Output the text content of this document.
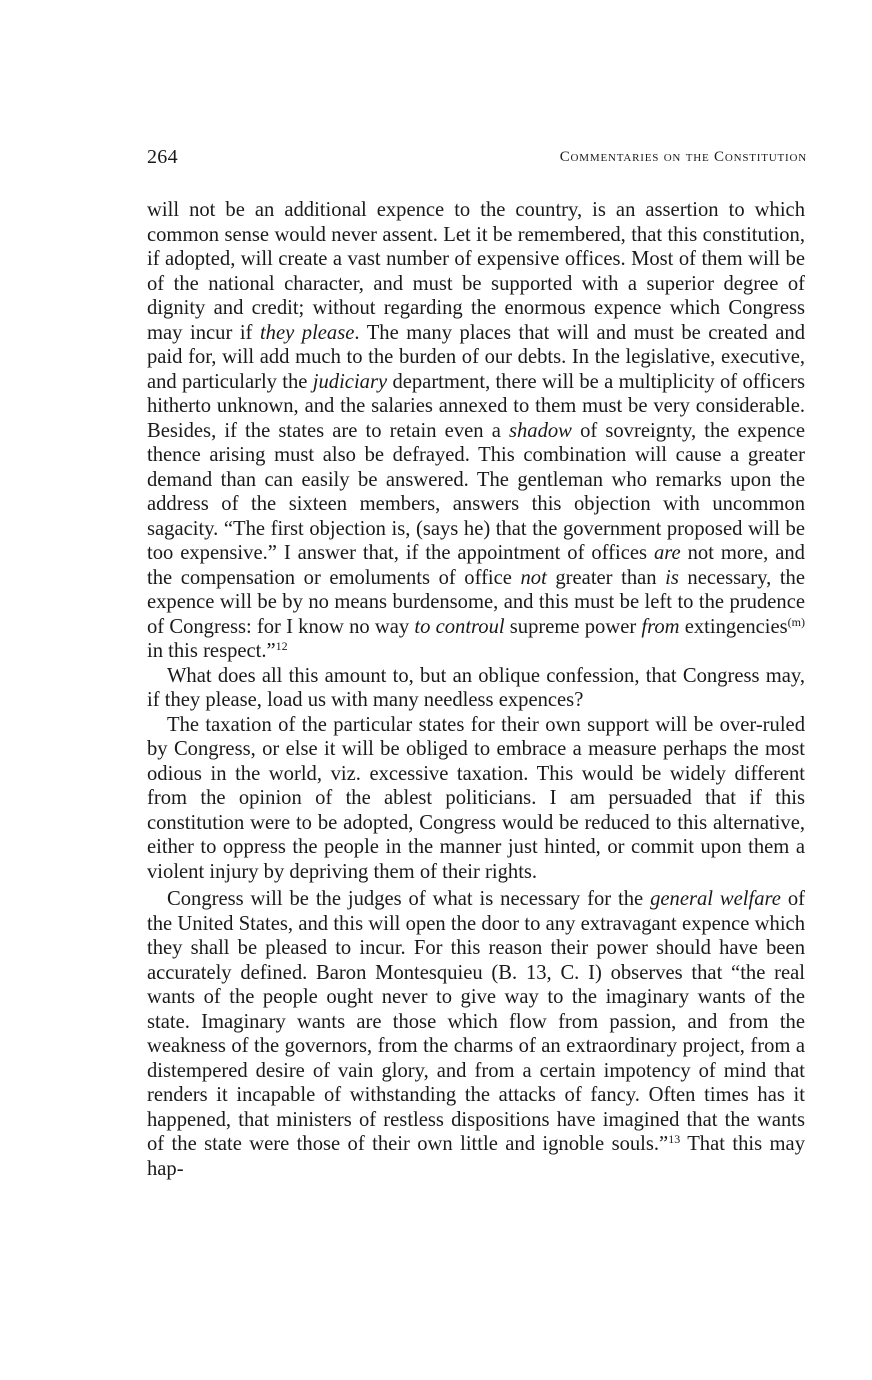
264	Commentaries on the Constitution

will not be an additional expence to the country, is an assertion to which common sense would never assent. Let it be remembered, that this constitution, if adopted, will create a vast number of expensive offices. Most of them will be of the national character, and must be supported with a superior degree of dignity and credit; without regarding the enormous expence which Congress may incur if they please. The many places that will and must be created and paid for, will add much to the burden of our debts. In the legislative, executive, and particularly the judiciary department, there will be a multiplicity of officers hitherto unknown, and the salaries annexed to them must be very considerable. Besides, if the states are to retain even a shadow of sovreignty, the expence thence arising must also be defrayed. This combination will cause a greater demand than can easily be answered. The gentleman who remarks upon the address of the sixteen members, answers this objection with uncommon sagacity. “The first objection is, (says he) that the government proposed will be too expensive.” I answer that, if the appointment of offices are not more, and the compensation or emoluments of office not greater than is necessary, the expence will be by no means burdensome, and this must be left to the prudence of Congress: for I know no way to controul supreme power from extingencies$^{(m)}$ in this respect.”$^{12}$

What does all this amount to, but an oblique confession, that Congress may, if they please, load us with many needless expences?

The taxation of the particular states for their own support will be over-ruled by Congress, or else it will be obliged to embrace a measure perhaps the most odious in the world, viz. excessive taxation. This would be widely different from the opinion of the ablest politicians. I am persuaded that if this constitution were to be adopted, Congress would be reduced to this alternative, either to oppress the people in the manner just hinted, or commit upon them a violent injury by depriving them of their rights.

Congress will be the judges of what is necessary for the general welfare of the United States, and this will open the door to any extravagant expence which they shall be pleased to incur. For this reason their power should have been accurately defined. Baron Montesquieu (B. 13, C. I) observes that “the real wants of the people ought never to give way to the imaginary wants of the state. Imaginary wants are those which flow from passion, and from the weakness of the governors, from the charms of an extraordinary project, from a distempered desire of vain glory, and from a certain impotency of mind that renders it incapable of withstanding the attacks of fancy. Often times has it happened, that ministers of restless dispositions have imagined that the wants of the state were those of their own little and ignoble souls.”$^{13}$ That this may hap-
